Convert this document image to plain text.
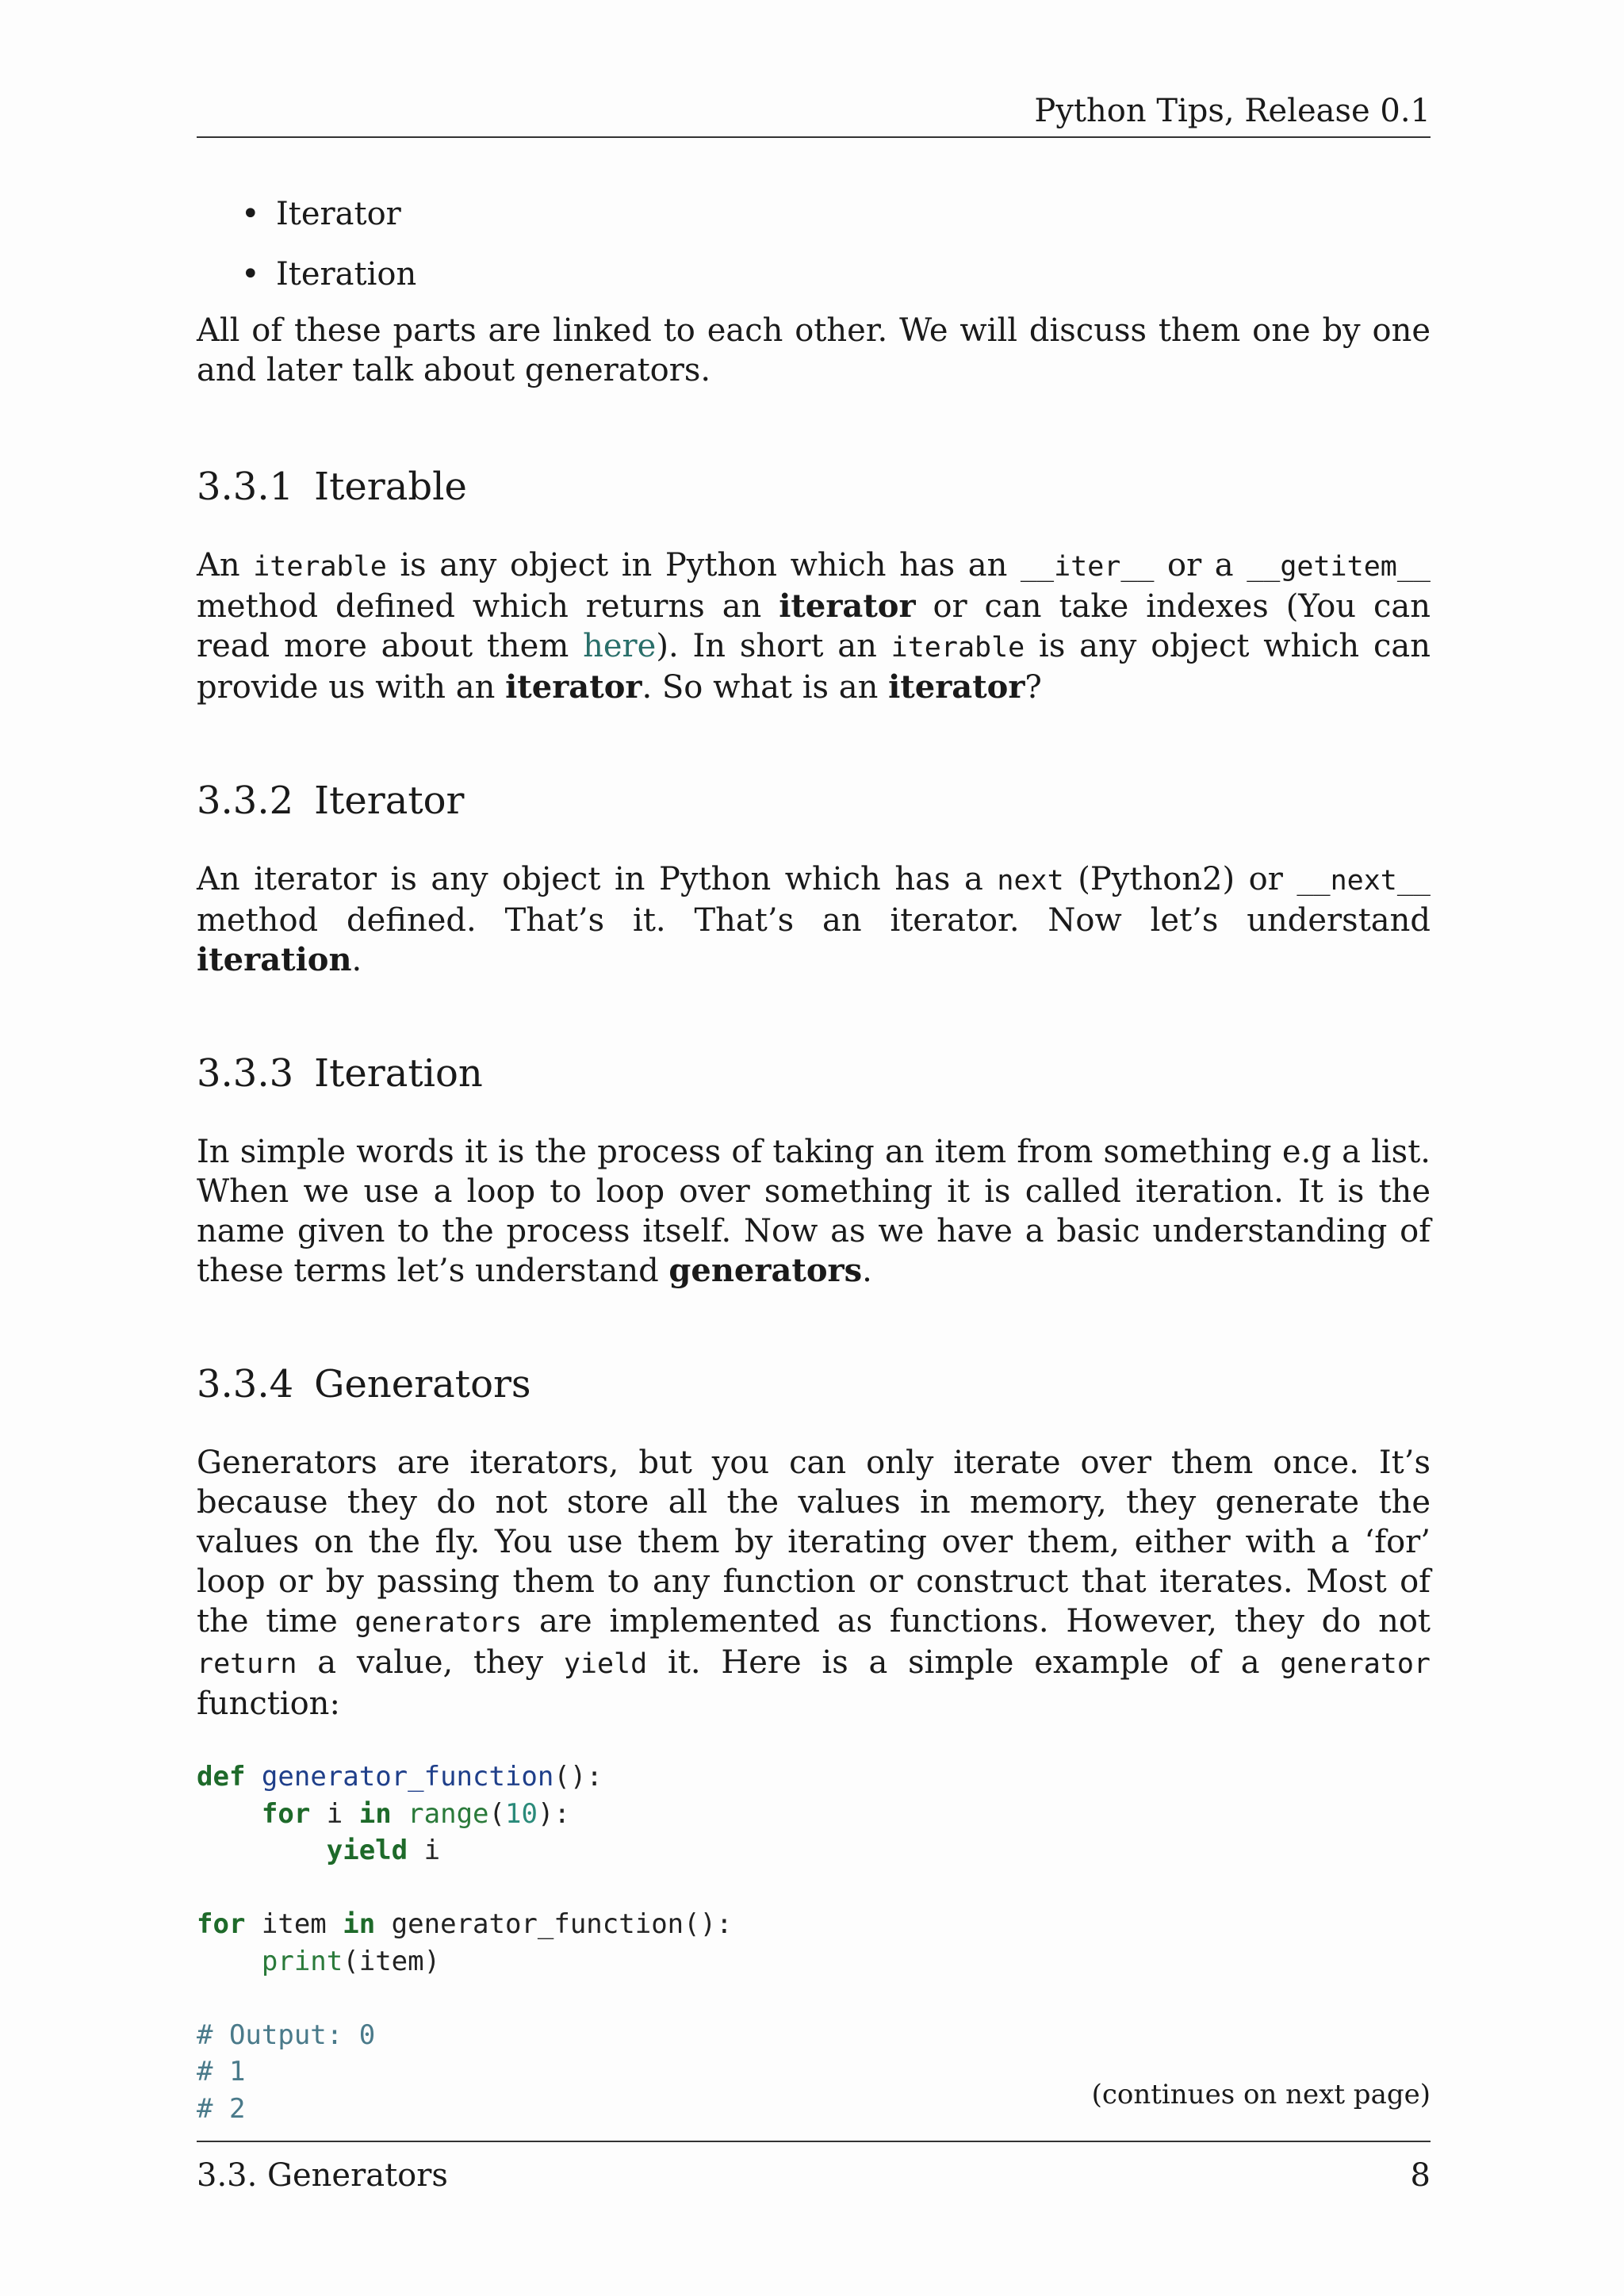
Python Tips, Release 0.1
• Iterator
• Iteration

All of these parts are linked to each other. We will discuss them one by one and later talk about generators.

3.3.1 Iterable

An iterable is any object in Python which has an __iter__ or a __getitem__ method defined which returns an iterator or can take indexes (You can read more about them here). In short an iterable is any object which can provide us with an iterator. So what is an iterator?

3.3.2 Iterator

An iterator is any object in Python which has a next (Python2) or __next__ method defined. That’s it. That’s an iterator. Now let’s understand iteration.

3.3.3 Iteration

In simple words it is the process of taking an item from something e.g a list. When we use a loop to loop over something it is called iteration. It is the name given to the process itself. Now as we have a basic understanding of these terms let’s understand generators.

3.3.4 Generators

Generators are iterators, but you can only iterate over them once. It’s because they do not store all the values in memory, they generate the values on the fly. You use them by iterating over them, either with a ‘for’ loop or by passing them to any function or construct that iterates. Most of the time generators are implemented as functions. However, they do not return a value, they yield it. Here is a simple example of a generator function:

def generator_function():
for i in range(10):
yield i

for item in generator_function():
print(item)

# Output: 0
# 1
# 2	(continues on next page)
3.3. Generators	8
